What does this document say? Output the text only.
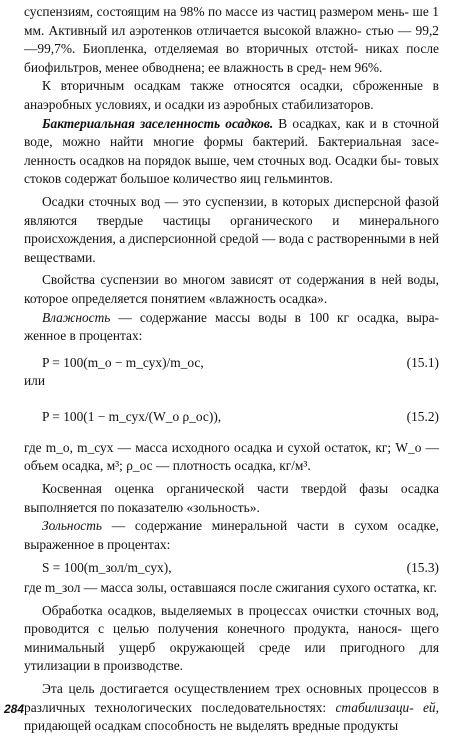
суспензиям, состоящим на 98% по массе из частиц размером мень- ше 1 мм. Активный ил аэротенков отличается высокой влажно- стью — 99,2—99,7%. Биопленка, отделяемая во вторичных отстой- никах после биофильтров, менее обводнена; ее влажность в сред- нем 96%.

К вторичным осадкам также относятся осадки, сброженные в анаэробных условиях, и осадки из аэробных стабилизаторов.

Бактериальная заселенность осадков. В осадках, как и в сточной воде, можно найти многие формы бактерий. Бактериальная засе- ленность осадков на порядок выше, чем сточных вод. Осадки бы- товых стоков содержат большое количество яиц гельминтов.

Осадки сточных вод — это суспензии, в которых дисперсной фазой являются твердые частицы органического и минерального происхождения, а дисперсионной средой — вода с растворенными в ней веществами.

Свойства суспензии во многом зависят от содержания в ней воды, которое определяется понятием «влажность осадка».

Влажность — содержание массы воды в 100 кг осадка, выра- женное в процентах:

P = 100(m_о − m_сух)/m_ос,	(15.1)

или

P = 100(1 − m_сух/(W_о ρ_ос)),	(15.2)

где m_о, m_сух — масса исходного осадка и сухой остаток, кг; W_о — объем осадка, м³; ρ_ос — плотность осадка, кг/м³.

Косвенная оценка органической части твердой фазы осадка выполняется по показателю «зольность».

Зольность — содержание минеральной части в сухом осадке, выраженное в процентах:

S = 100(m_зол/m_сух),	(15.3)

где m_зол — масса золы, оставшаяся после сжигания сухого остатка, кг.

Обработка осадков, выделяемых в процессах очистки сточных вод, проводится с целью получения конечного продукта, нанося- щего минимальный ущерб окружающей среде или пригодного для утилизации в производстве.

Эта цель достигается осуществлением трех основных процессов в различных технологических последовательностях: стабилизаци- ей, придающей осадкам способность не выделять вредные продукты

284
